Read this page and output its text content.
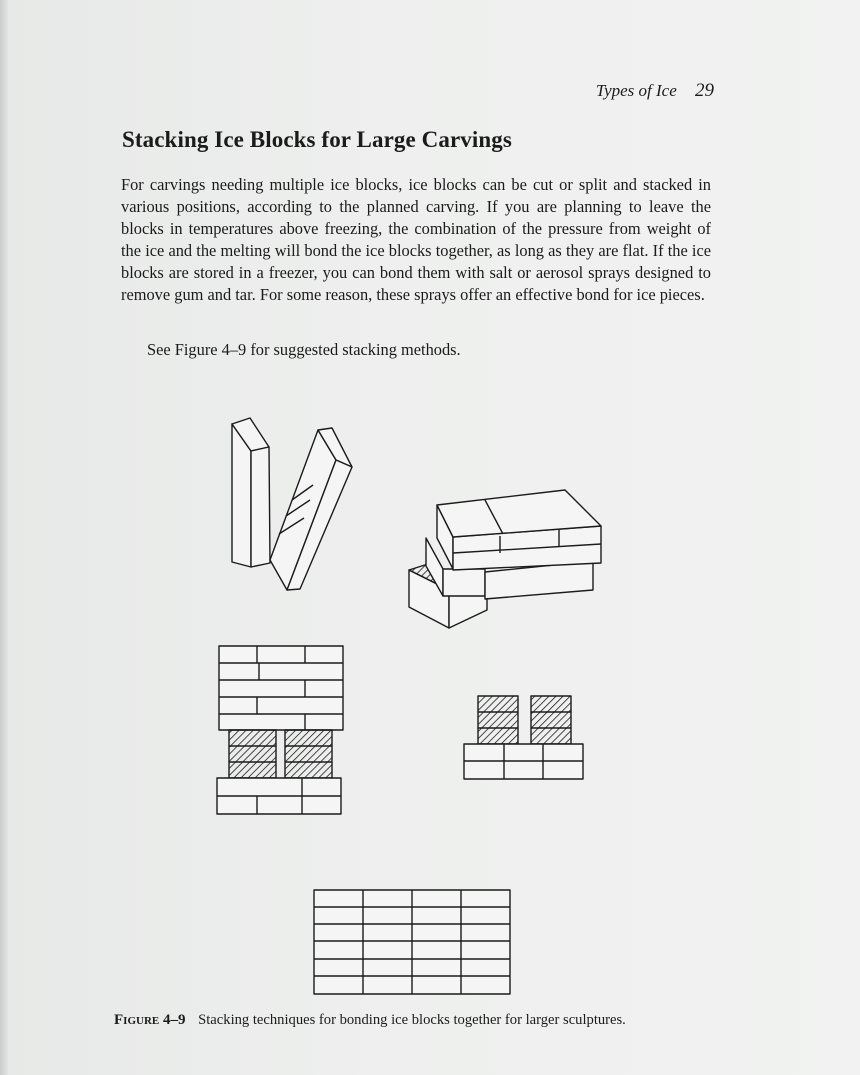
Types of Ice 29
Stacking Ice Blocks for Large Carvings

For carvings needing multiple ice blocks, ice blocks can be cut or split and stacked in various positions, according to the planned carving. If you are planning to leave the blocks in temperatures above freezing, the combination of the pressure from weight of the ice and the melting will bond the ice blocks together, as long as they are flat. If the ice blocks are stored in a freezer, you can bond them with salt or aerosol sprays designed to remove gum and tar. For some reason, these sprays offer an effective bond for ice pieces.

See Figure 4–9 for suggested stacking methods.

Figure 4–9 Stacking techniques for bonding ice blocks together for larger sculptures.
